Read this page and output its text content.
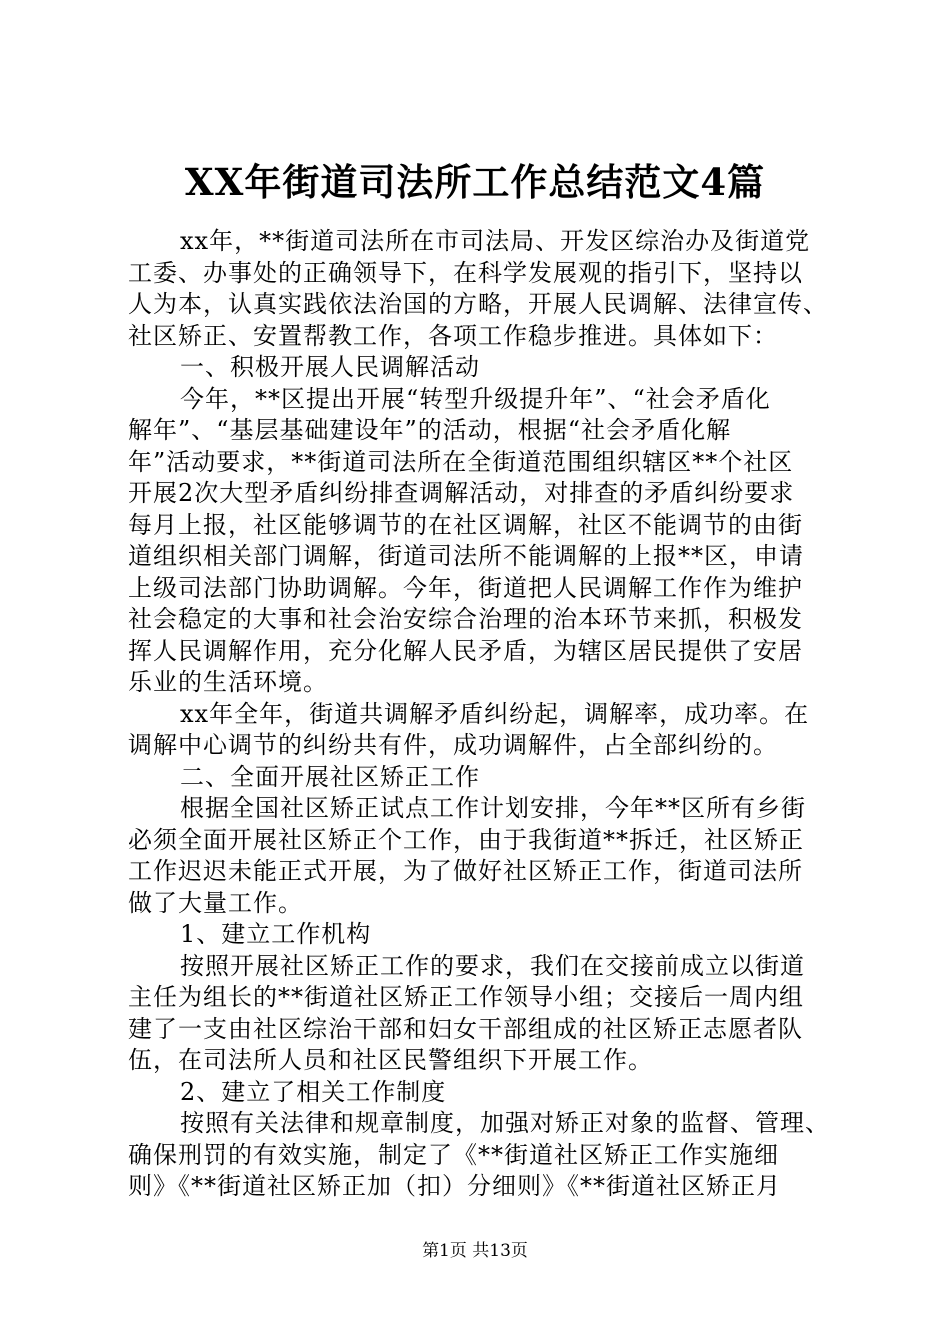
XX年街道司法所工作总结范文4篇
xx年，**街道司法所在市司法局、开发区综治办及街道党
工委、办事处的正确领导下，在科学发展观的指引下，坚持以
人为本，认真实践依法治国的方略，开展人民调解、法律宣传、
社区矫正、安置帮教工作，各项工作稳步推进。具体如下：
一、积极开展人民调解活动
今年，**区提出开展“转型升级提升年”、“社会矛盾化
解年”、“基层基础建设年”的活动，根据“社会矛盾化解
年”活动要求，**街道司法所在全街道范围组织辖区**个社区
开展2次大型矛盾纠纷排查调解活动，对排查的矛盾纠纷要求
每月上报，社区能够调节的在社区调解，社区不能调节的由街
道组织相关部门调解，街道司法所不能调解的上报**区，申请
上级司法部门协助调解。今年，街道把人民调解工作作为维护
社会稳定的大事和社会治安综合治理的治本环节来抓，积极发
挥人民调解作用，充分化解人民矛盾，为辖区居民提供了安居
乐业的生活环境。
xx年全年，街道共调解矛盾纠纷起，调解率，成功率。在
调解中心调节的纠纷共有件，成功调解件，占全部纠纷的。
二、全面开展社区矫正工作
根据全国社区矫正试点工作计划安排，今年**区所有乡街
必须全面开展社区矫正个工作，由于我街道**拆迁，社区矫正
工作迟迟未能正式开展，为了做好社区矫正工作，街道司法所
做了大量工作。
1、建立工作机构
按照开展社区矫正工作的要求，我们在交接前成立以街道
主任为组长的**街道社区矫正工作领导小组；交接后一周内组
建了一支由社区综治干部和妇女干部组成的社区矫正志愿者队
伍，在司法所人员和社区民警组织下开展工作。
2、建立了相关工作制度
按照有关法律和规章制度，加强对矫正对象的监督、管理、
确保刑罚的有效实施，制定了《**街道社区矫正工作实施细
则》《**街道社区矫正加（扣）分细则》《**街道社区矫正月
第1页 共13页
